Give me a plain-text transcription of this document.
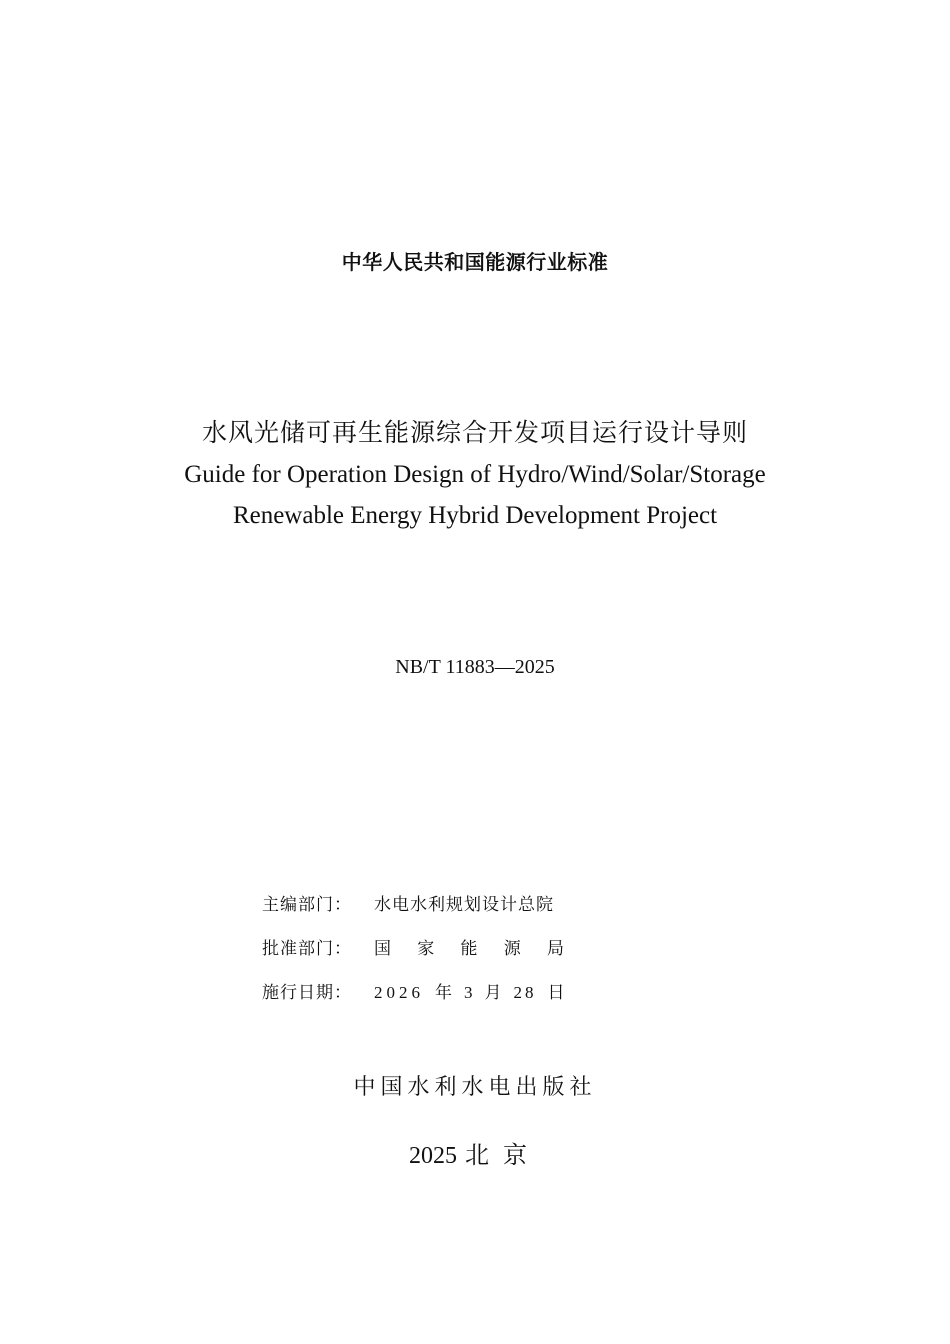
中华人民共和国能源行业标准
水风光储可再生能源综合开发项目运行设计导则
Guide for Operation Design of Hydro/Wind/Solar/Storage
Renewable Energy Hybrid Development Project
NB/T 11883—2025
主编部门：	水电水利规划设计总院
批准部门：	国 家 能 源 局
施行日期：	2026 年 3 月 28 日
中国水利水电出版社
2025 北京
